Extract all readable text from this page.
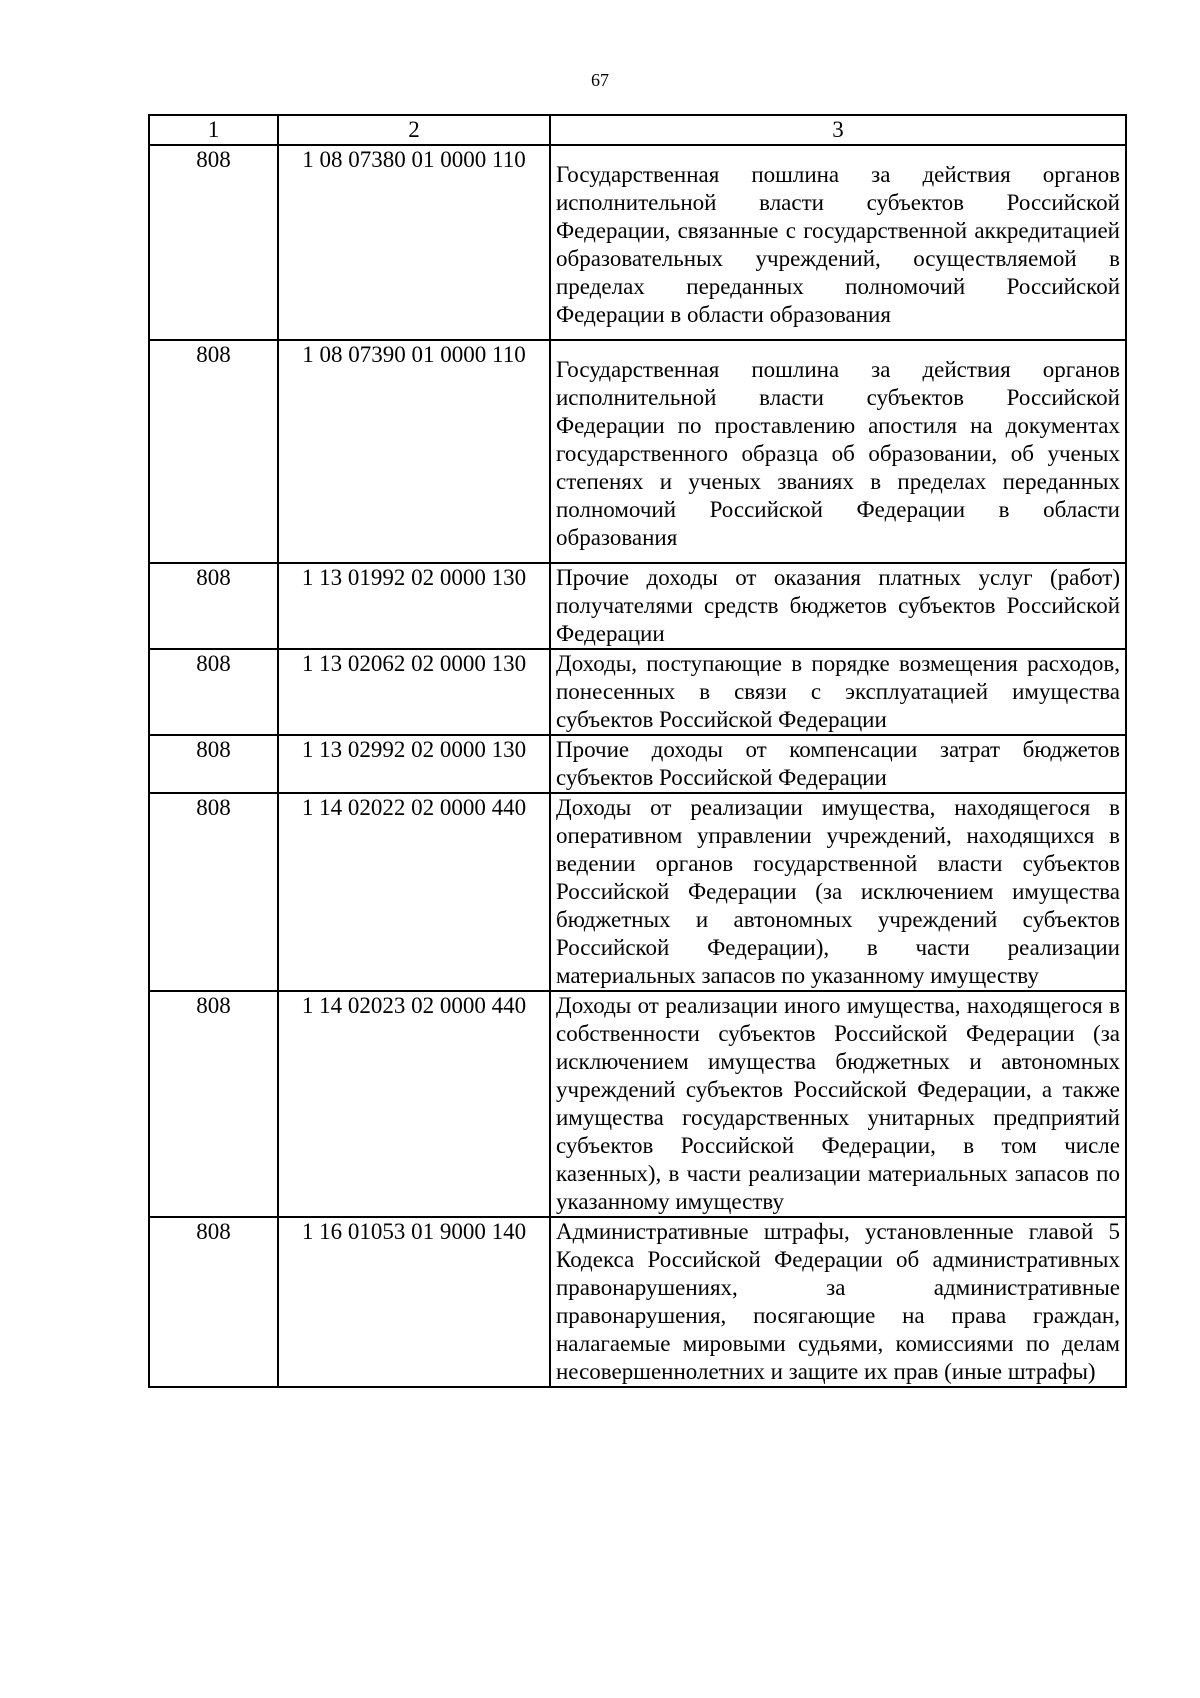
67
1	2	3
808	1 08 07380 01 0000 110	Государственная пошлина за действия органов исполнительной власти субъектов Российской Федерации, связанные с государственной аккредитацией образовательных учреждений, осуществляемой в пределах переданных полномочий Российской Федерации в области образования
808	1 08 07390 01 0000 110	Государственная пошлина за действия органов исполнительной власти субъектов Российской Федерации по проставлению апостиля на документах государственного образца об образовании, об ученых степенях и ученых званиях в пределах переданных полномочий Российской Федерации в области образования
808	1 13 01992 02 0000 130	Прочие доходы от оказания платных услуг (работ) получателями средств бюджетов субъектов Российской Федерации
808	1 13 02062 02 0000 130	Доходы, поступающие в порядке возмещения расходов, понесенных в связи с эксплуатацией имущества субъектов Российской Федерации
808	1 13 02992 02 0000 130	Прочие доходы от компенсации затрат бюджетов субъектов Российской Федерации
808	1 14 02022 02 0000 440	Доходы от реализации имущества, находящегося в оперативном управлении учреждений, находящихся в ведении органов государственной власти субъектов Российской Федерации (за исключением имущества бюджетных и автономных учреждений субъектов Российской Федерации), в части реализации материальных запасов по указанному имуществу
808	1 14 02023 02 0000 440	Доходы от реализации иного имущества, находящегося в собственности субъектов Российской Федерации (за исключением имущества бюджетных и автономных учреждений субъектов Российской Федерации, а также имущества государственных унитарных предприятий субъектов Российской Федерации, в том числе казенных), в части реализации материальных запасов по указанному имуществу
808	1 16 01053 01 9000 140	Административные штрафы, установленные главой 5 Кодекса Российской Федерации об административных правонарушениях, за административные правонарушения, посягающие на права граждан, налагаемые мировыми судьями, комиссиями по делам несовершеннолетних и защите их прав (иные штрафы)
